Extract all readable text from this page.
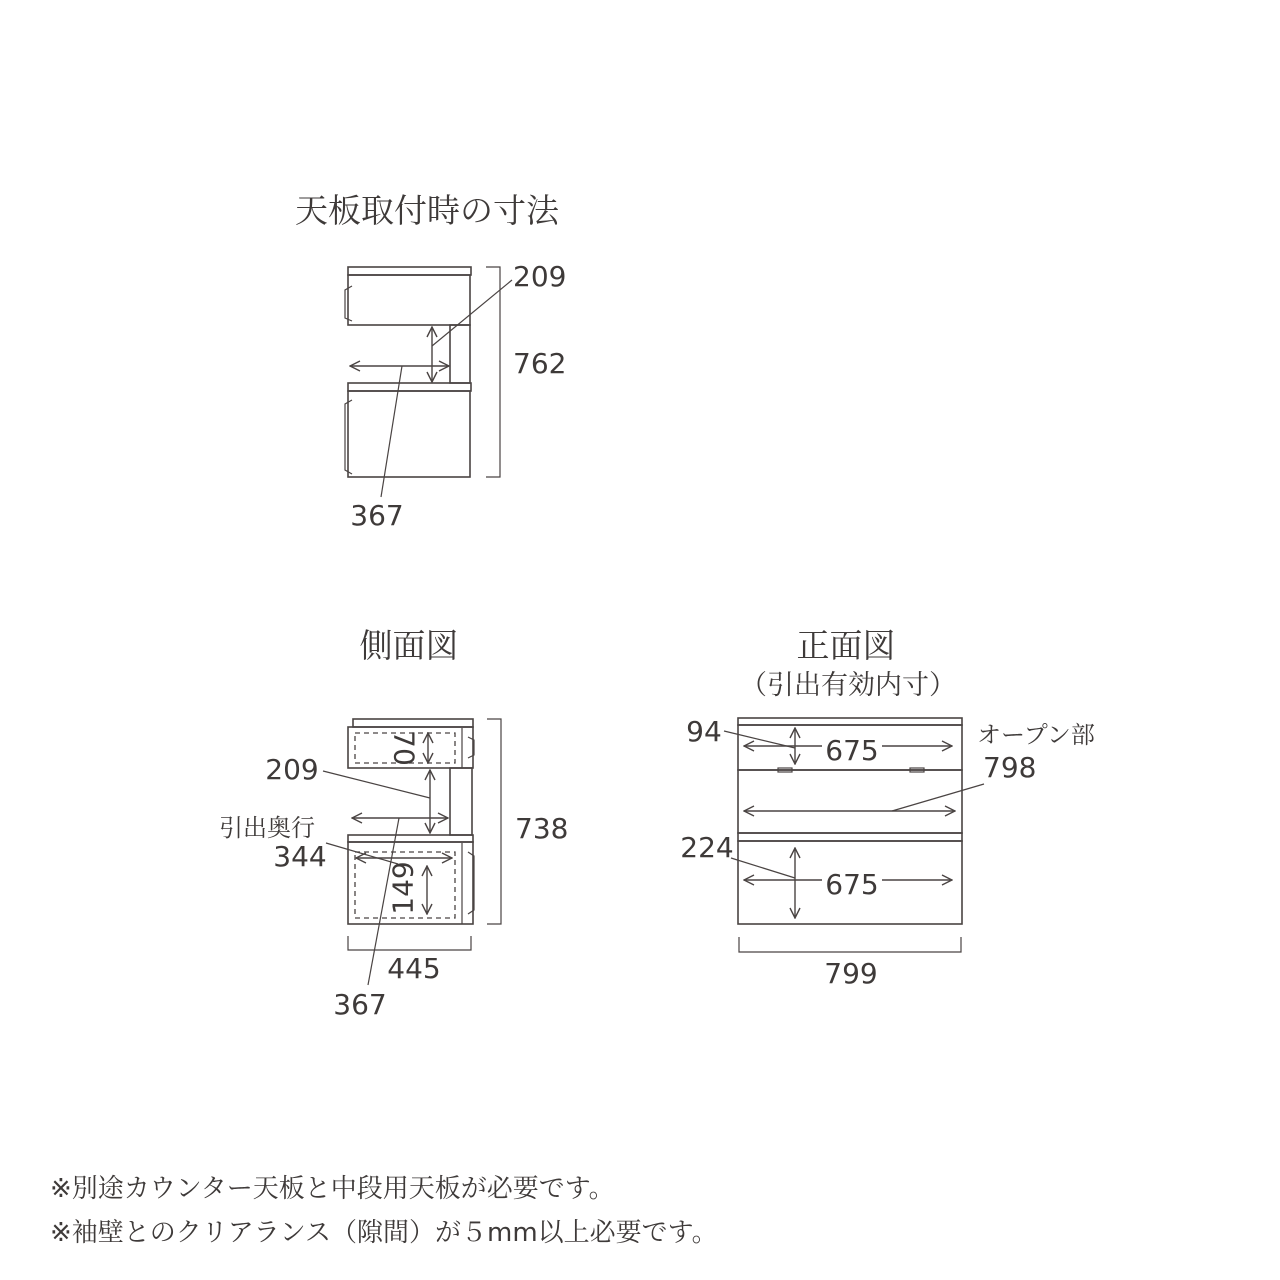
天板取付時の寸法
762
209
367
側面図
70
209
367
引出奥行
344
149
738
445
正面図
（引出有効内寸）
94
675	オープン部
798
224
675
799
※別途カウンター天板と中段用天板が必要です。
※袖壁とのクリアランス（隙間）が５mm以上必要です。
